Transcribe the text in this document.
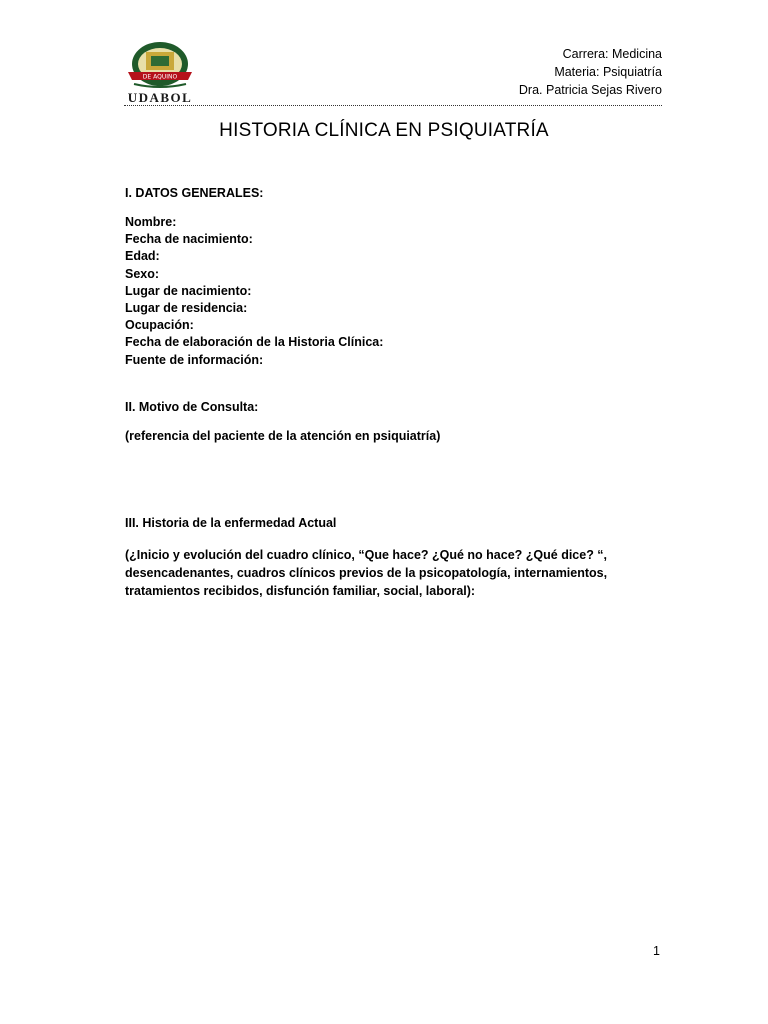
DE AQUINO
UDABOL
Carrera: Medicina
Materia: Psiquiatría
Dra. Patricia Sejas Rivero
HISTORIA CLÍNICA EN PSIQUIATRÍA
I. DATOS GENERALES:
Nombre:
Fecha de nacimiento:
Edad:
Sexo:
Lugar de nacimiento:
Lugar de residencia:
Ocupación:
Fecha de elaboración de la Historia Clínica:
Fuente de información:
II. Motivo de Consulta:
(referencia del paciente de la atención en psiquiatría)
III. Historia de la enfermedad Actual
(¿Inicio y evolución del cuadro clínico, “Que hace? ¿Qué no hace? ¿Qué dice? “, desencadenantes, cuadros clínicos previos de la psicopatología, internamientos, tratamientos recibidos, disfunción familiar, social, laboral):
1
